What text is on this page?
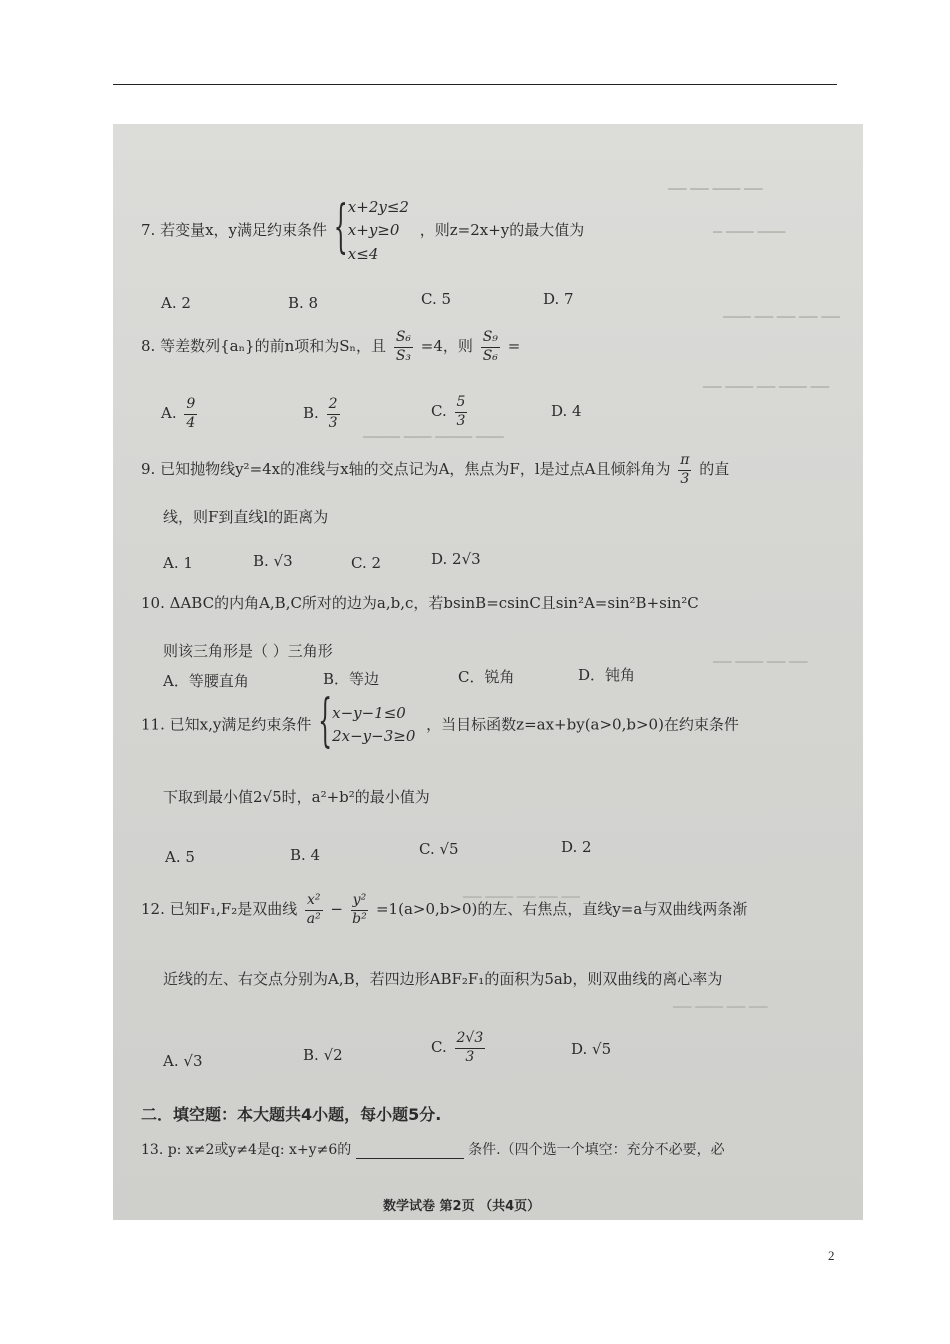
▁▁ ▁▁ ▁▁▁ ▁▁
▁ ▁▁▁ ▁▁▁
▁▁▁ ▁▁ ▁▁ ▁▁ ▁▁
▁▁ ▁▁▁ ▁▁ ▁▁▁ ▁▁
▁▁▁▁ ▁▁▁ ▁▁▁▁ ▁▁▁
▁▁ ▁▁▁ ▁▁ ▁▁
▁▁ ▁▁▁ ▁▁ ▁▁ ▁▁
▁▁ ▁▁▁ ▁▁ ▁▁
7. 若变量x，y满足约束条件
{ x+2y≤2
x+y≥0
x≤4
，则z=2x+y的最大值为
A. 2	B. 8	C. 5	D. 7
8. 等差数列{aₙ}的前n项和为Sₙ，且 $\frac{\text{S₆}}{\text{S₃}} =4$，则 $\frac{\text{S₉}}{\text{S₆}}$ =
A. $\frac{9}{4}$	B. $\frac{2}{3}$	C. $\frac{5}{3}$	D. 4
9. 已知抛物线y²=4x的准线与x轴的交点记为A，焦点为F，l是过点A且倾斜角为 $\frac{\pi}{3}$ 的直
线，则F到直线l的距离为
A. 1	B. √3	C. 2	D. 2√3
10. ΔABC的内角A,B,C所对的边为a,b,c，若bsinB=csinC且sin²A=sin²B+sin²C
则该三角形是（ ）三角形
A．等腰直角	B．等边	C．锐角	D．钝角
11. 已知x,y满足约束条件
{ x−y−1≤0
2x−y−3≥0
，当目标函数z=ax+by(a>0,b>0)在约束条件
下取到最小值2√5时，a²+b²的最小值为
A. 5	B. 4	C. √5	D. 2
12. 已知F₁,F₂是双曲线 $\frac{\text{x²}}{\text{a²}} - \frac{\text{y²}}{\text{b²}} =1(a>0,b>0)$的左、右焦点，直线y=a与双曲线两条渐
近线的左、右交点分别为A,B，若四边形ABF₂F₁的面积为5ab，则双曲线的离心率为
A. √3	B. √2	C. $\frac{2√3}{3}$	D. √5
二．填空题：本大题共4小题，每小题5分.
13. p: x≠2或y≠4是q: x+y≠6的	条件.（四个选一个填空：充分不必要，必
数学试卷 第2页 （共4页）
2
